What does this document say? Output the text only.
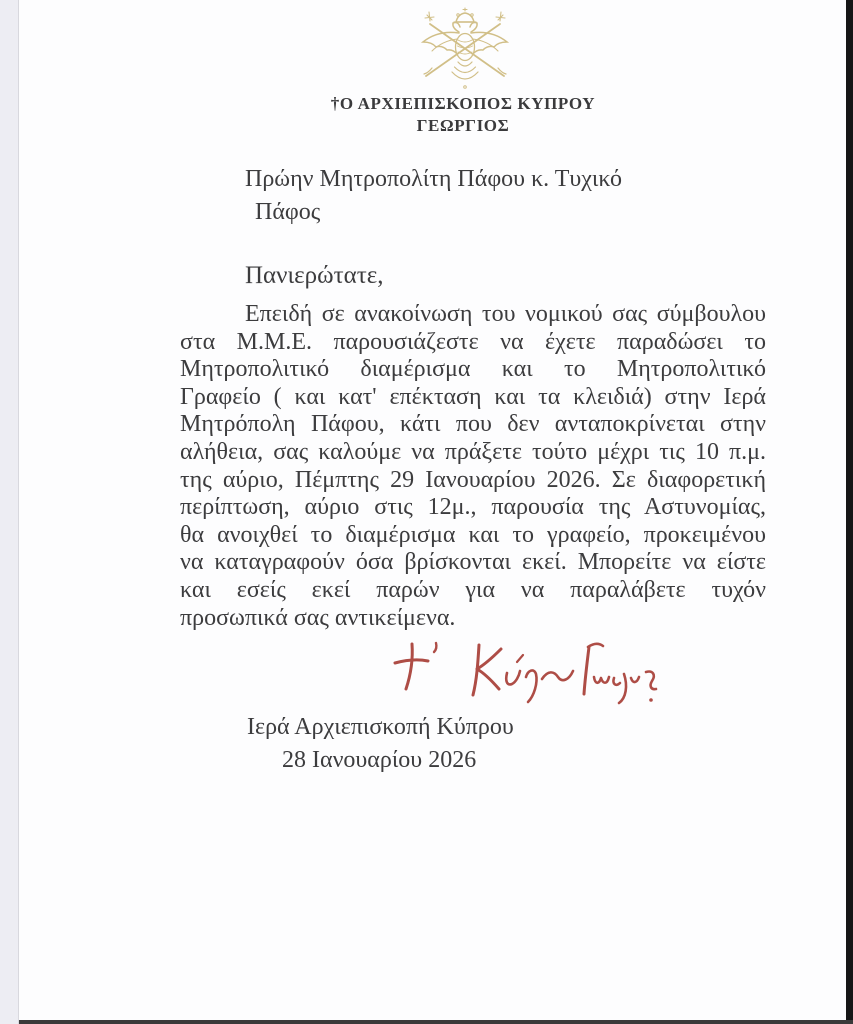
†Ο ΑΡΧΙΕΠΙΣΚΟΠΟΣ ΚΥΠΡΟΥ
ΓΕΩΡΓΙΟΣ
Πρώην Μητροπολίτη Πάφου κ. Τυχικό
Πάφος
Πανιερώτατε,
Επειδή σε ανακοίνωση του νομικού σας σύμβουλου
στα Μ.Μ.Ε. παρουσιάζεστε να έχετε παραδώσει το
Μητροπολιτικό διαμέρισμα και το Μητροπολιτικό
Γραφείο ( και κατ' επέκταση και τα κλειδιά) στην Ιερά
Μητρόπολη Πάφου, κάτι που δεν ανταποκρίνεται στην
αλήθεια, σας καλούμε να πράξετε τούτο μέχρι τις 10 π.μ.
της αύριο, Πέμπτης 29 Ιανουαρίου 2026. Σε διαφορετική
περίπτωση, αύριο στις 12μ., παρουσία της Αστυνομίας,
θα ανοιχθεί το διαμέρισμα και το γραφείο, προκειμένου
να καταγραφούν όσα βρίσκονται εκεί. Μπορείτε να είστε
και εσείς εκεί παρών για να παραλάβετε τυχόν
προσωπικά σας αντικείμενα.
Ιερά Αρχιεπισκοπή Κύπρου
28 Ιανουαρίου 2026
